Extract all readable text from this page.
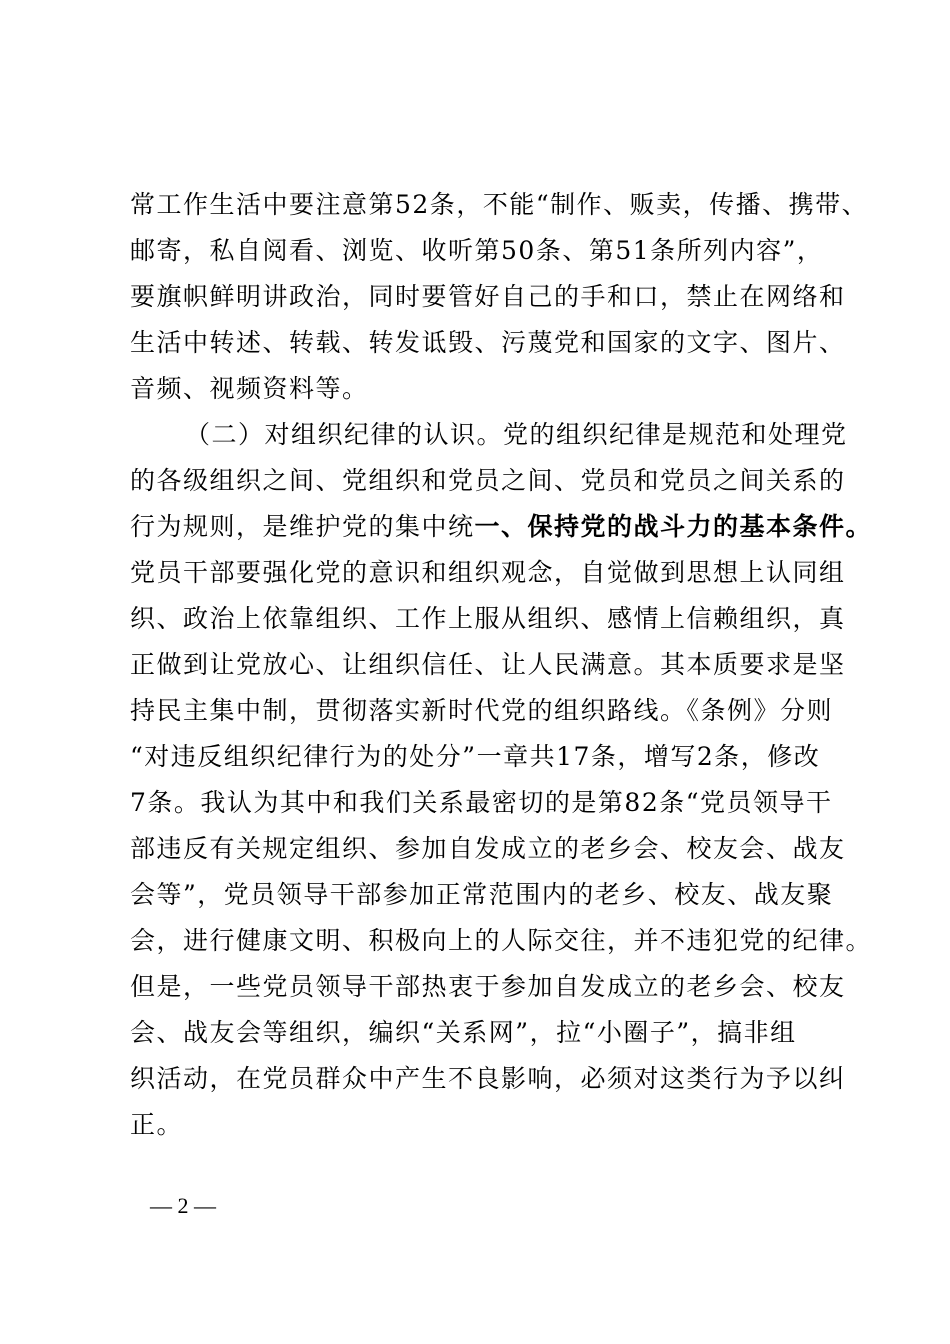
常工作生活中要注意第52条，不能“制作、贩卖，传播、携带、
邮寄，私自阅看、浏览、收听第50条、第51条所列内容”，
要旗帜鲜明讲政治，同时要管好自己的手和口，禁止在网络和
生活中转述、转载、转发诋毁、污蔑党和国家的文字、图片、
音频、视频资料等。
（二）对组织纪律的认识。党的组织纪律是规范和处理党
的各级组织之间、党组织和党员之间、党员和党员之间关系的
行为规则，是维护党的集中统一、保持党的战斗力的基本条件。
党员干部要强化党的意识和组织观念，自觉做到思想上认同组
织、政治上依靠组织、工作上服从组织、感情上信赖组织，真
正做到让党放心、让组织信任、让人民满意。其本质要求是坚
持民主集中制，贯彻落实新时代党的组织路线。《条例》分则
“对违反组织纪律行为的处分”一章共17条，增写2条，修改
7条。我认为其中和我们关系最密切的是第82条“党员领导干
部违反有关规定组织、参加自发成立的老乡会、校友会、战友
会等”，党员领导干部参加正常范围内的老乡、校友、战友聚
会，进行健康文明、积极向上的人际交往，并不违犯党的纪律。
但是，一些党员领导干部热衷于参加自发成立的老乡会、校友
会、战友会等组织，编织“关系网”，拉“小圈子”，搞非组
织活动，在党员群众中产生不良影响，必须对这类行为予以纠
正。
— 2 —
